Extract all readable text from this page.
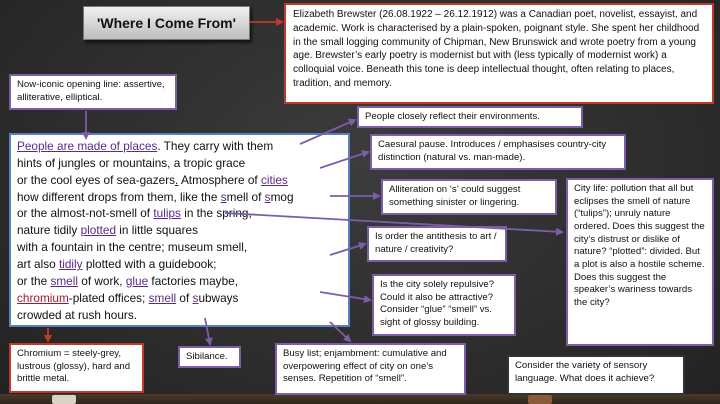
'Where I Come From'
Elizabeth Brewster (26.08.1922 – 26.12.1912) was a Canadian poet, novelist, essayist, and academic. Work is characterised by a plain-spoken, poignant style. She spent her childhood in the small logging community of Chipman, New Brunswick and wrote poetry from a young age. Brewster’s early poetry is modernist but with (less typically of modernist work) a colloquial voice. Beneath this tone is deep intellectual thought, often relating to places, tradition, and memory.
Now-iconic opening line: assertive, alliterative, elliptical.
People closely reflect their environments.
Caesural pause. Introduces / emphasises country-city distinction (natural vs. man-made).
Alliteration on ‘s’ could suggest something sinister or lingering.
Is order the antithesis to art / nature / creativity?
Is the city solely repulsive? Could it also be attractive? Consider “glue” “smell” vs. sight of glossy building.
City life: pollution that all but eclipses the smell of nature (“tulips”); unruly nature ordered. Does this suggest the city’s distrust or dislike of nature? “plotted”: divided. But a plot is also a hostile scheme. Does this suggest the speaker’s wariness towards the city?
Chromium = steely-grey, lustrous (glossy), hard and brittle metal.
Sibilance.	Busy list; enjambment: cumulative and overpowering effect of city on one’s senses. Repetition of “smell”.
Consider the variety of sensory language. What does it achieve?
People are made of places. They carry with them
hints of jungles or mountains, a tropic grace
or the cool eyes of sea-gazers. Atmosphere of cities
how different drops from them, like the smell of smog
or the almost-not-smell of tulips in the spring,
nature tidily plotted in little squares
with a fountain in the centre; museum smell,
art also tidily plotted with a guidebook;
or the smell of work, glue factories maybe,
chromium-plated offices; smell of subways
crowded at rush hours.
